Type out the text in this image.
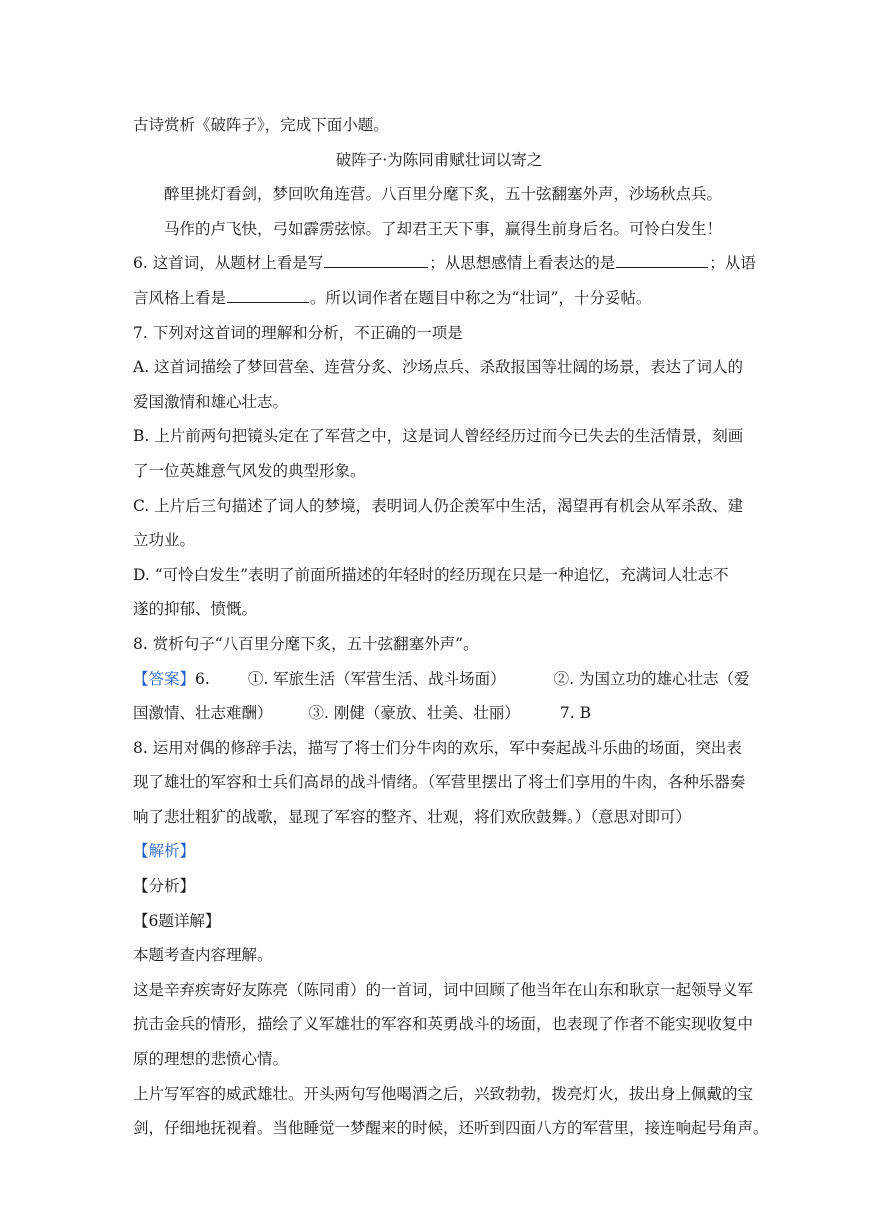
古诗赏析《破阵子》，完成下面小题。
破阵子·为陈同甫赋壮词以寄之
醉里挑灯看剑，梦回吹角连营。八百里分麾下炙，五十弦翻塞外声，沙场秋点兵。
马作的卢飞快，弓如霹雳弦惊。了却君王天下事，赢得生前身后名。可怜白发生！
6. 这首词，从题材上看是写	；从思想感情上看表达的是	；从语
言风格上看是	。所以词作者在题目中称之为“壮词”，十分妥帖。
7. 下列对这首词的理解和分析，不正确的一项是
A. 这首词描绘了梦回营垒、连营分炙、沙场点兵、杀敌报国等壮阔的场景，表达了词人的
爱国激情和雄心壮志。
B. 上片前两句把镜头定在了军营之中，这是词人曾经经历过而今已失去的生活情景，刻画
了一位英雄意气风发的典型形象。
C. 上片后三句描述了词人的梦境，表明词人仍企羡军中生活，渴望再有机会从军杀敌、建
立功业。
D. “可怜白发生”表明了前面所描述的年轻时的经历现在只是一种追忆，充满词人壮志不
遂的抑郁、愤慨。
8. 赏析句子“八百里分麾下炙，五十弦翻塞外声”。
【答案】6. ①. 军旅生活（军营生活、战斗场面）	②. 为国立功的雄心壮志（爱
国激情、壮志难酬） ③. 刚健（豪放、壮美、壮丽）	7. B
8. 运用对偶的修辞手法，描写了将士们分牛肉的欢乐，军中奏起战斗乐曲的场面，突出表
现了雄壮的军容和士兵们高昂的战斗情绪。（军营里摆出了将士们享用的牛肉，各种乐器奏
响了悲壮粗犷的战歌，显现了军容的整齐、壮观，将们欢欣鼓舞。）（意思对即可）
【解析】
【分析】
【6题详解】
本题考查内容理解。
这是辛弃疾寄好友陈亮（陈同甫）的一首词，词中回顾了他当年在山东和耿京一起领导义军
抗击金兵的情形，描绘了义军雄壮的军容和英勇战斗的场面，也表现了作者不能实现收复中
原的理想的悲愤心情。
上片写军容的威武雄壮。开头两句写他喝酒之后，兴致勃勃，拨亮灯火，拔出身上佩戴的宝
剑，仔细地抚视着。当他睡觉一梦醒来的时候，还听到四面八方的军营里，接连响起号角声。
